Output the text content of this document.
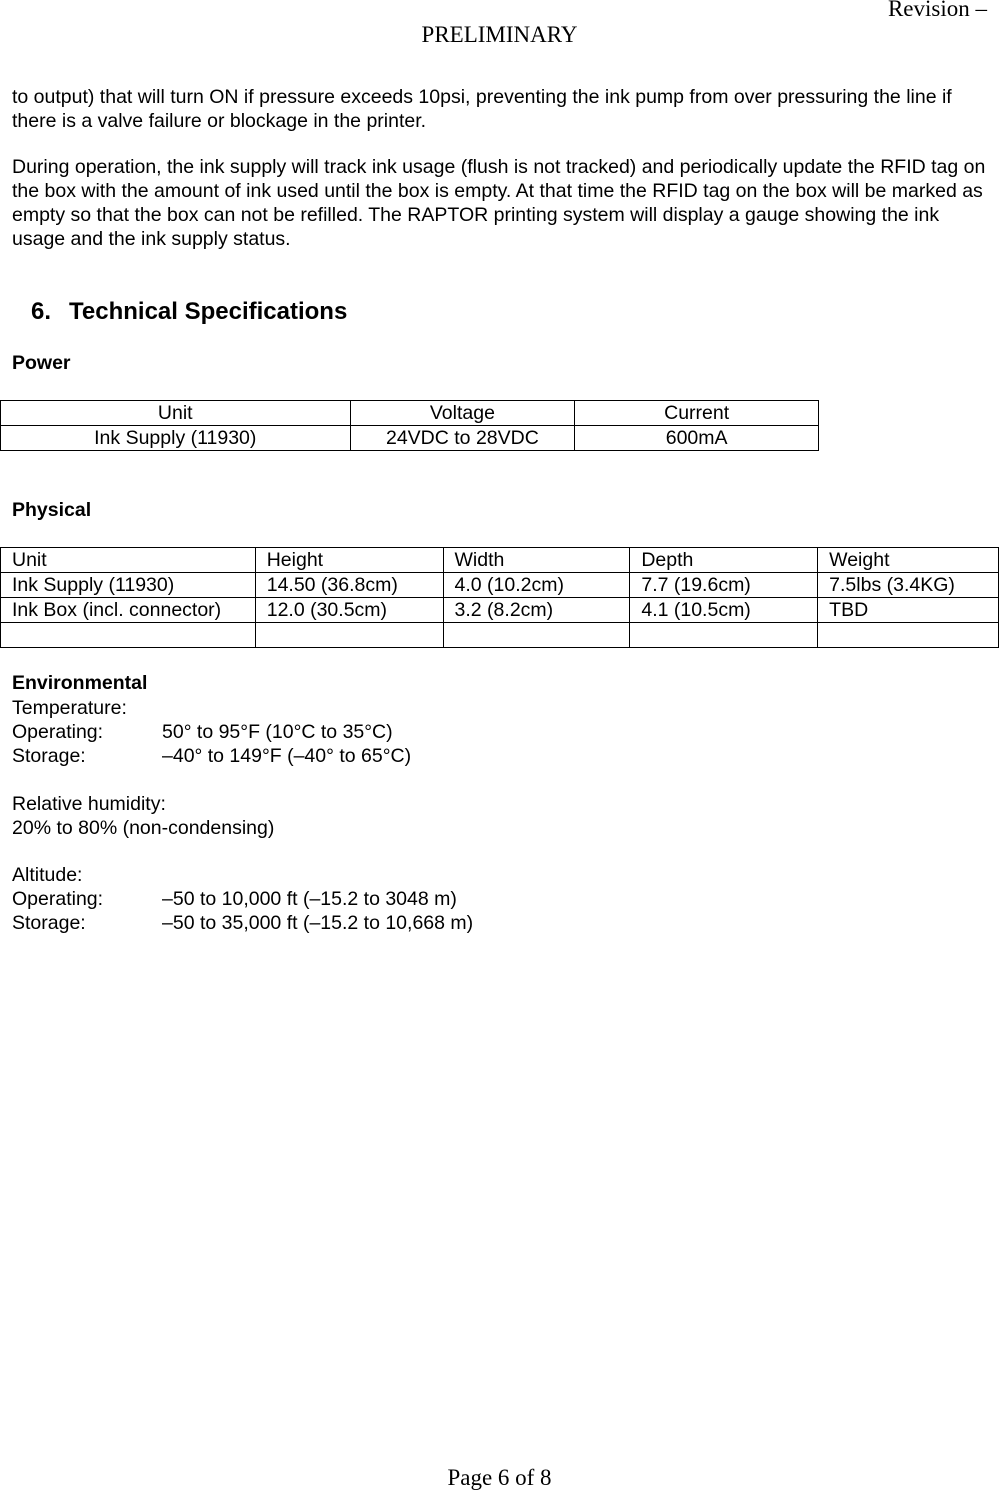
Revision –
PRELIMINARY

to output) that will turn ON if pressure exceeds 10psi, preventing the ink pump from over pressuring the line if there is a valve failure or blockage in the printer.

During operation, the ink supply will track ink usage (flush is not tracked) and periodically update the RFID tag on the box with the amount of ink used until the box is empty. At that time the RFID tag on the box will be marked as empty so that the box can not be refilled. The RAPTOR printing system will display a gauge showing the ink usage and the ink supply status.

6. Technical Specifications
Power
Unit	Voltage	Current
Ink Supply (11930)	24VDC to 28VDC	600mA
Physical
Unit	Height	Width	Depth	Weight
Ink Supply (11930)	14.50 (36.8cm)	4.0 (10.2cm)	7.7 (19.6cm)	7.5lbs (3.4KG)
Ink Box (incl. connector)	12.0 (30.5cm)	3.2 (8.2cm)	4.1 (10.5cm)	TBD

Environmental
Temperature:
Operating:	50° to 95°F (10°C to 35°C)
Storage:	–40° to 149°F (–40° to 65°C)
Relative humidity:
20% to 80% (non-condensing)
Altitude:
Operating:	–50 to 10,000 ft (–15.2 to 3048 m)
Storage:	–50 to 35,000 ft (–15.2 to 10,668 m)
Page 6 of 8
